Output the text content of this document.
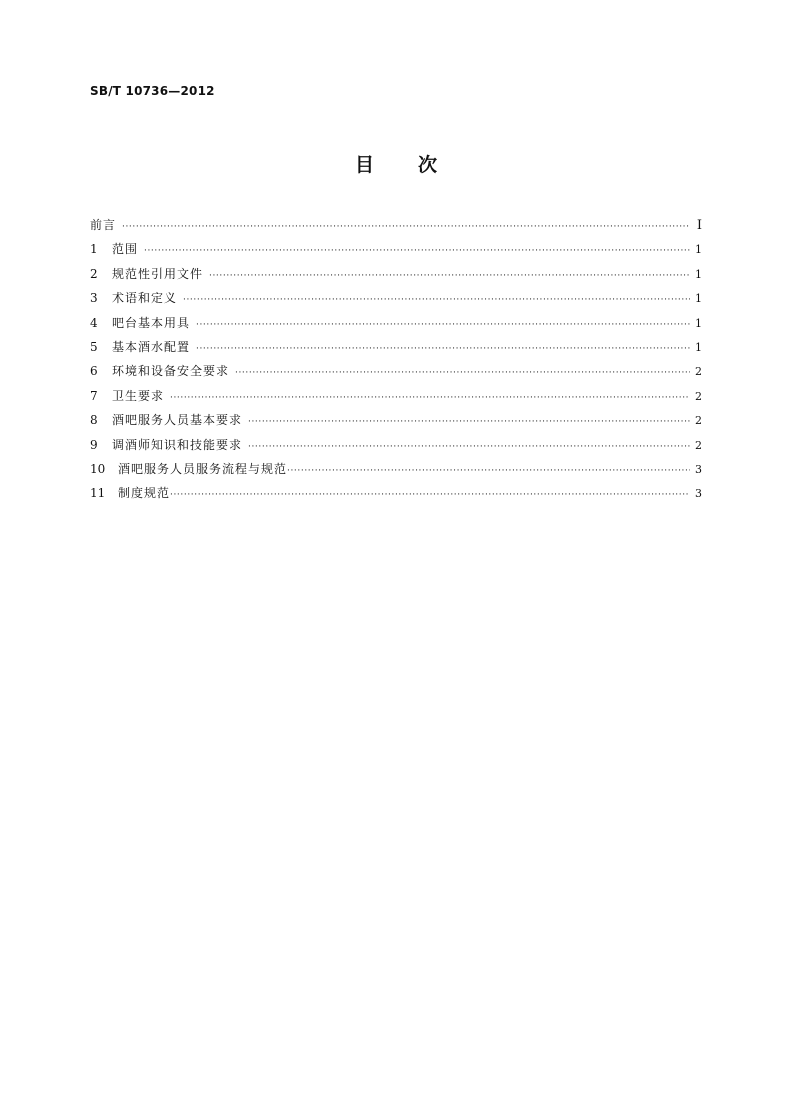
SB/T 10736—2012
目 次
前言 ·····	I
1	范围 ·····	1
2	规范性引用文件 ·····	1
3	术语和定义 ·····	1
4	吧台基本用具 ·····	1
5	基本酒水配置 ·····	1
6	环境和设备安全要求 ·····	2
7	卫生要求 ·····	2
8	酒吧服务人员基本要求 ·····	2
9	调酒师知识和技能要求 ·····	2
10	酒吧服务人员服务流程与规范 ·····	3
11	制度规范 ·····	3
